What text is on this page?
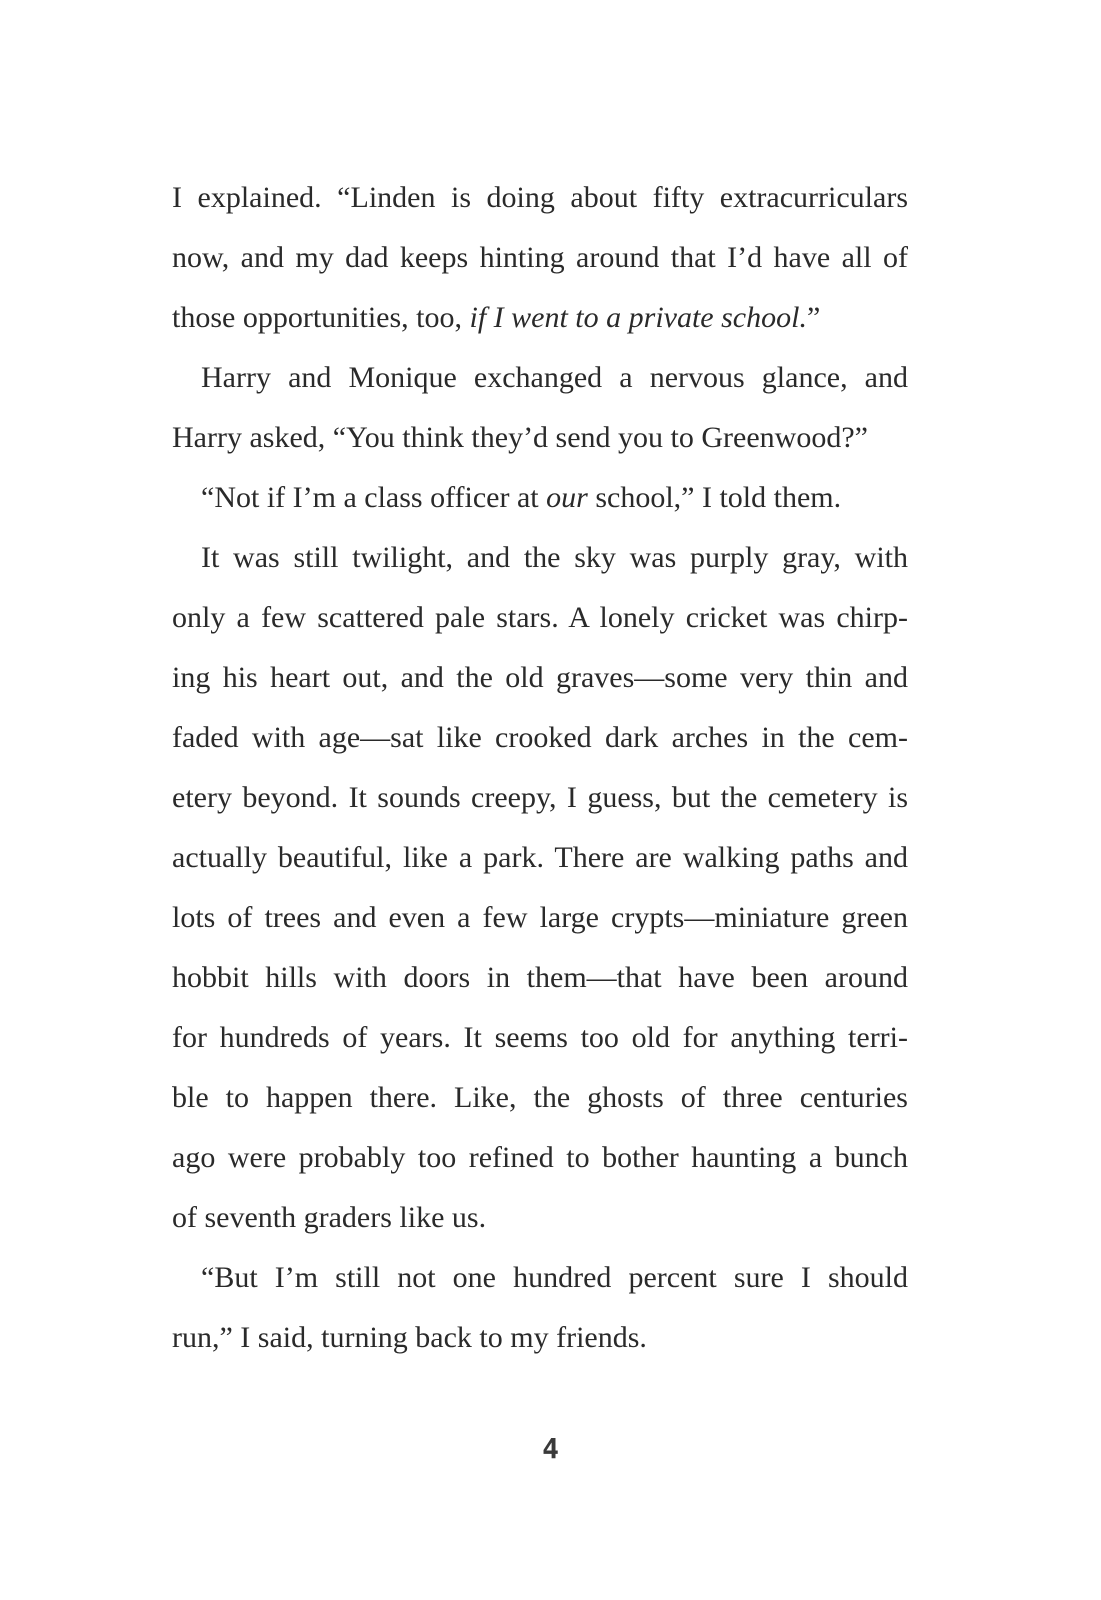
I explained. “Linden is doing about fifty extracurriculars
now, and my dad keeps hinting around that I’d have all of
those opportunities, too, if I went to a private school.”
Harry and Monique exchanged a nervous glance, and
Harry asked, “You think they’d send you to Greenwood?”
“Not if I’m a class officer at our school,” I told them.
It was still twilight, and the sky was purply gray, with
only a few scattered pale stars. A lonely cricket was chirp-
ing his heart out, and the old graves—some very thin and
faded with age—sat like crooked dark arches in the cem-
etery beyond. It sounds creepy, I guess, but the cemetery is
actually beautiful, like a park. There are walking paths and
lots of trees and even a few large crypts—miniature green
hobbit hills with doors in them—that have been around
for hundreds of years. It seems too old for anything terri-
ble to happen there. Like, the ghosts of three centuries
ago were probably too refined to bother haunting a bunch
of seventh graders like us.
“But I’m still not one hundred percent sure I should
run,” I said, turning back to my friends.
4
